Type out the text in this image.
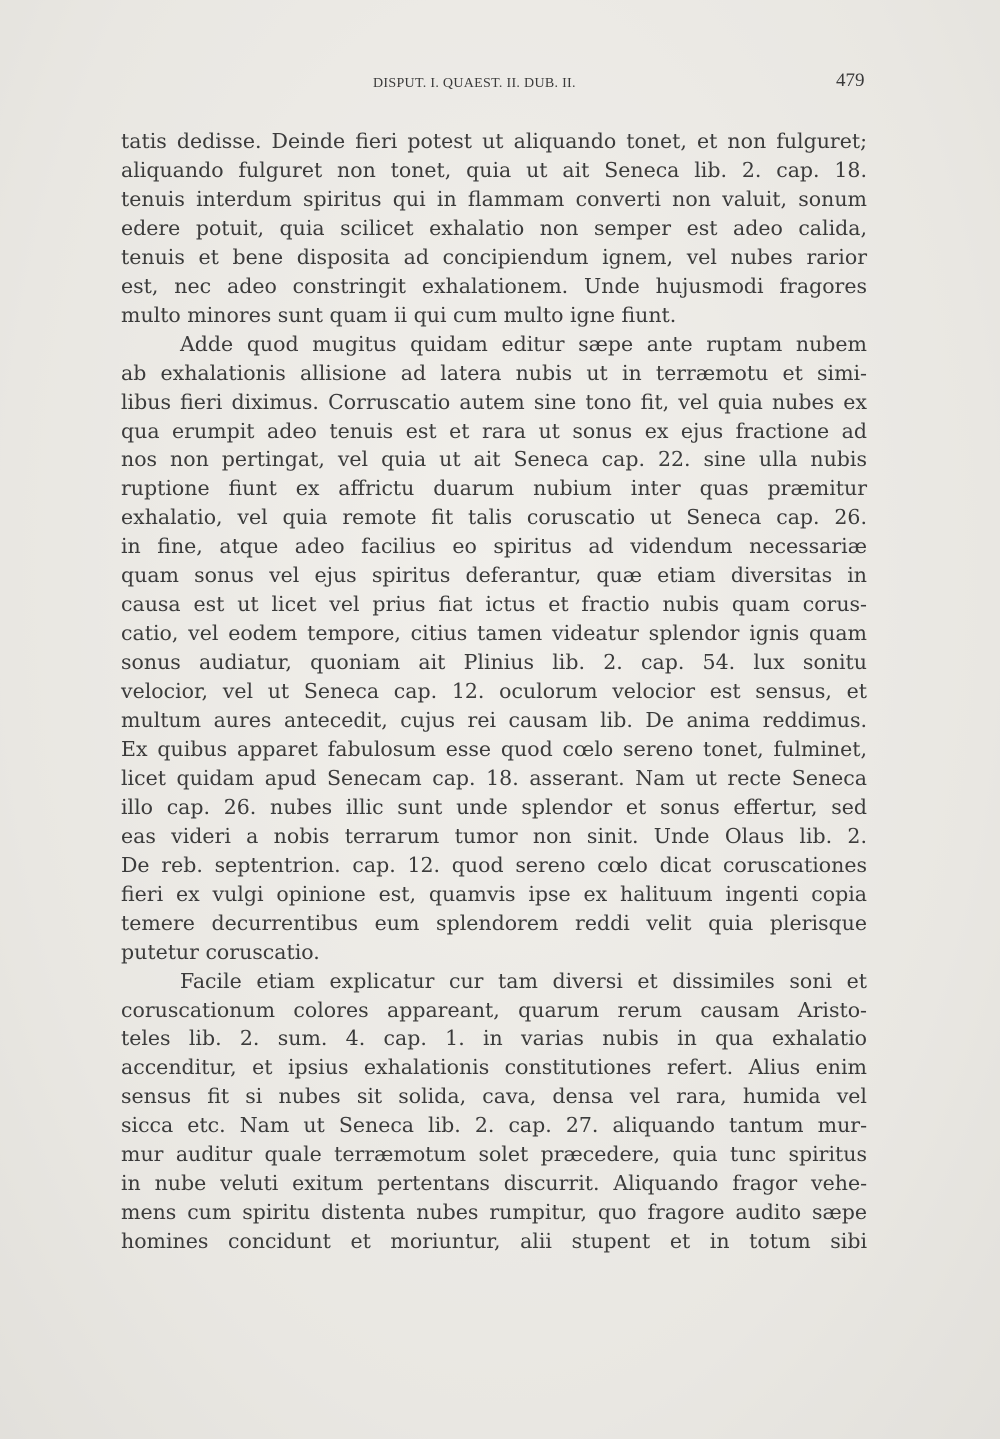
DISPUT. I. QUAEST. II. DUB. II.	479
tatis dedisse. Deinde fieri potest ut aliquando tonet, et non fulguret;
aliquando fulguret non tonet, quia ut ait Seneca lib. 2. cap. 18.
tenuis interdum spiritus qui in flammam converti non valuit, sonum
edere potuit, quia scilicet exhalatio non semper est adeo calida,
tenuis et bene disposita ad concipiendum ignem, vel nubes rarior
est, nec adeo constringit exhalationem. Unde hujusmodi fragores
multo minores sunt quam ii qui cum multo igne fiunt.
Adde quod mugitus quidam editur sæpe ante ruptam nubem
ab exhalationis allisione ad latera nubis ut in terræmotu et simi-
libus fieri diximus. Corruscatio autem sine tono fit, vel quia nubes ex
qua erumpit adeo tenuis est et rara ut sonus ex ejus fractione ad
nos non pertingat, vel quia ut ait Seneca cap. 22. sine ulla nubis
ruptione fiunt ex affrictu duarum nubium inter quas præmitur
exhalatio, vel quia remote fit talis coruscatio ut Seneca cap. 26.
in fine, atque adeo facilius eo spiritus ad videndum necessariæ
quam sonus vel ejus spiritus deferantur, quæ etiam diversitas in
causa est ut licet vel prius fiat ictus et fractio nubis quam corus-
catio, vel eodem tempore, citius tamen videatur splendor ignis quam
sonus audiatur, quoniam ait Plinius lib. 2. cap. 54. lux sonitu
velocior, vel ut Seneca cap. 12. oculorum velocior est sensus, et
multum aures antecedit, cujus rei causam lib. De anima reddimus.
Ex quibus apparet fabulosum esse quod cœlo sereno tonet, fulminet,
licet quidam apud Senecam cap. 18. asserant. Nam ut recte Seneca
illo cap. 26. nubes illic sunt unde splendor et sonus effertur, sed
eas videri a nobis terrarum tumor non sinit. Unde Olaus lib. 2.
De reb. septentrion. cap. 12. quod sereno cœlo dicat coruscationes
fieri ex vulgi opinione est, quamvis ipse ex halituum ingenti copia
temere decurrentibus eum splendorem reddi velit quia plerisque
putetur coruscatio.
Facile etiam explicatur cur tam diversi et dissimiles soni et
coruscationum colores appareant, quarum rerum causam Aristo-
teles lib. 2. sum. 4. cap. 1. in varias nubis in qua exhalatio
accenditur, et ipsius exhalationis constitutiones refert. Alius enim
sensus fit si nubes sit solida, cava, densa vel rara, humida vel
sicca etc. Nam ut Seneca lib. 2. cap. 27. aliquando tantum mur-
mur auditur quale terræmotum solet præcedere, quia tunc spiritus
in nube veluti exitum pertentans discurrit. Aliquando fragor vehe-
mens cum spiritu distenta nubes rumpitur, quo fragore audito sæpe
homines concidunt et moriuntur, alii stupent et in totum sibi
